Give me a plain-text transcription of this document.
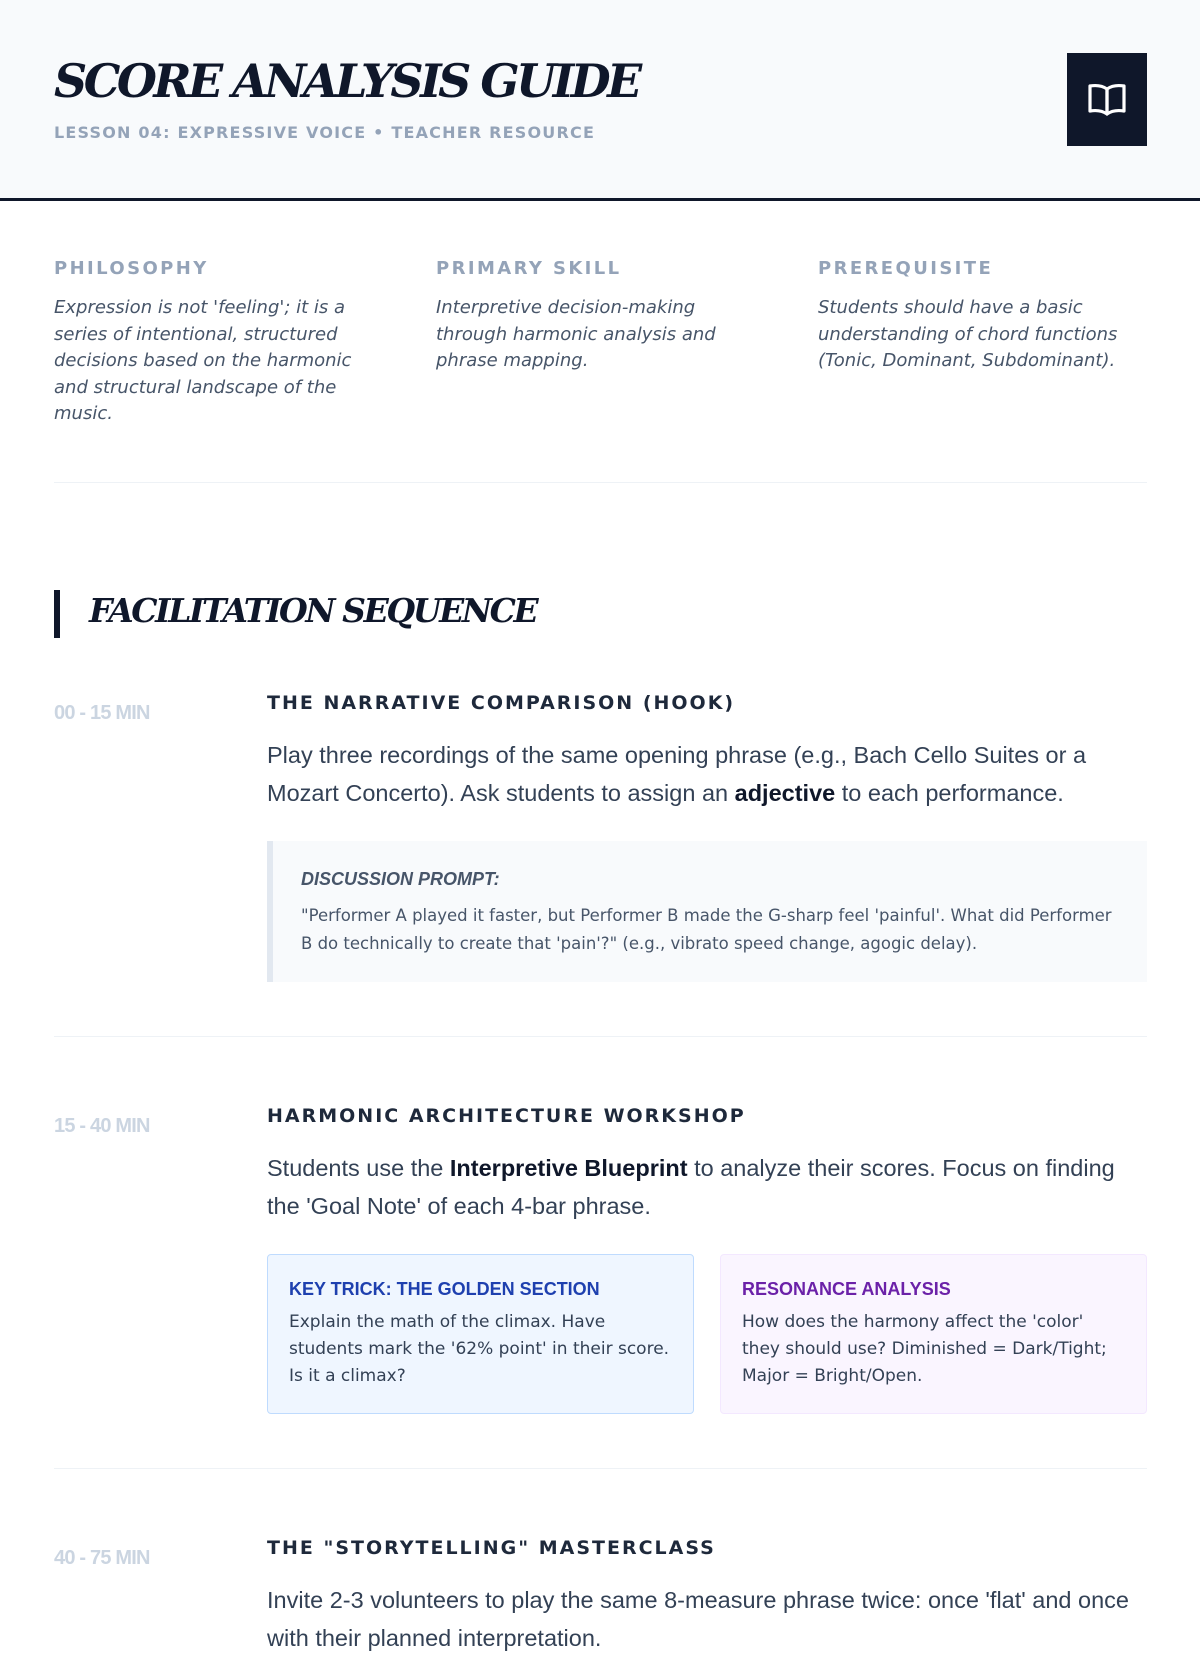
SCORE ANALYSIS GUIDE
LESSON 04: EXPRESSIVE VOICE • TEACHER RESOURCE
PHILOSOPHY
Expression is not 'feeling'; it is a series of intentional, structured decisions based on the harmonic and structural landscape of the music.
PRIMARY SKILL
Interpretive decision-making through harmonic analysis and phrase mapping.
PREREQUISITE
Students should have a basic understanding of chord functions (Tonic, Dominant, Subdominant).
FACILITATION SEQUENCE
00 - 15 MIN	THE NARRATIVE COMPARISON (HOOK)
Play three recordings of the same opening phrase (e.g., Bach Cello Suites or a Mozart Concerto). Ask students to assign an adjective to each performance.
DISCUSSION PROMPT:
"Performer A played it faster, but Performer B made the G-sharp feel 'painful'. What did Performer B do technically to create that 'pain'?" (e.g., vibrato speed change, agogic delay).
15 - 40 MIN	HARMONIC ARCHITECTURE WORKSHOP
Students use the Interpretive Blueprint to analyze their scores. Focus on finding the 'Goal Note' of each 4-bar phrase.
KEY TRICK: THE GOLDEN SECTION
Explain the math of the climax. Have students mark the '62% point' in their score. Is it a climax?
RESONANCE ANALYSIS
How does the harmony affect the 'color' they should use? Diminished = Dark/Tight; Major = Bright/Open.
40 - 75 MIN	THE "STORYTELLING" MASTERCLASS
Invite 2-3 volunteers to play the same 8-measure phrase twice: once 'flat' and once with their planned interpretation.
